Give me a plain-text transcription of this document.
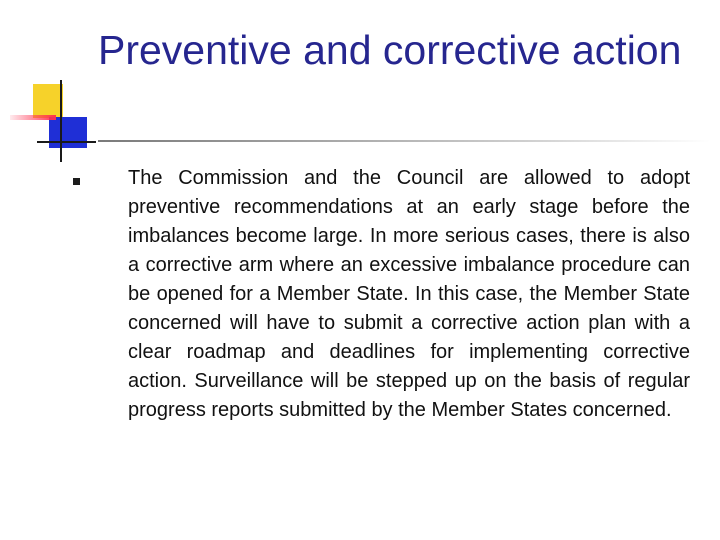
Preventive and corrective action
The Commission and the Council are allowed to adopt preventive recommendations at an early stage before the imbalances become large. In more serious cases, there is also a corrective arm where an excessive imbalance procedure can be opened for a Member State. In this case, the Member State concerned will have to submit a corrective action plan with a clear roadmap and deadlines for implementing corrective action. Surveillance will be stepped up on the basis of regular progress reports submitted by the Member States concerned.
